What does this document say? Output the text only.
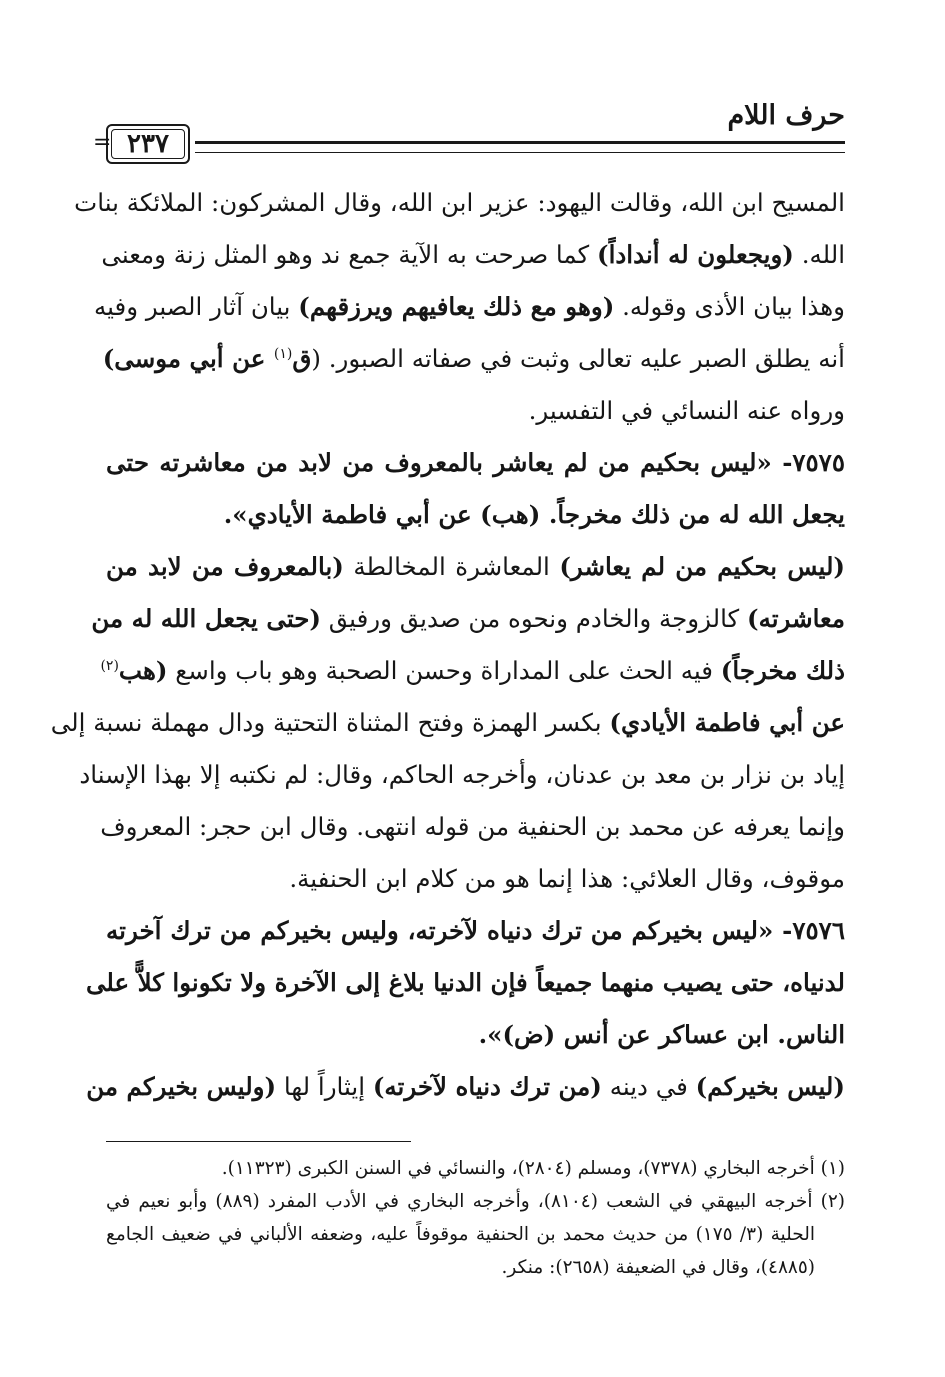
حرف اللام
٢٣٧
=
المسيح ابن الله، وقالت اليهود: عزير ابن الله، وقال المشركون: الملائكة بنات
الله. (ويجعلون له أنداداً) كما صرحت به الآية جمع ند وهو المثل زنة ومعنى
وهذا بيان الأذى وقوله. (وهو مع ذلك يعافيهم ويرزقهم) بيان آثار الصبر وفيه
أنه يطلق الصبر عليه تعالى وثبت في صفاته الصبور. (ق$^{(١)}$ عن أبي موسى)
ورواه عنه النسائي في التفسير.
٧٥٧٥- «ليس بحكيم من لم يعاشر بالمعروف من لابد من معاشرته حتى
يجعل الله له من ذلك مخرجاً. (هب) عن أبي فاطمة الأيادي».
(ليس بحكيم من لم يعاشر) المعاشرة المخالطة (بالمعروف من لابد من
معاشرته) كالزوجة والخادم ونحوه من صديق ورفيق (حتى يجعل الله له من
ذلك مخرجاً) فيه الحث على المداراة وحسن الصحبة وهو باب واسع (هب$^{(٢)}$
عن أبي فاطمة الأيادي) بكسر الهمزة وفتح المثناة التحتية ودال مهملة نسبة إلى
إياد بن نزار بن معد بن عدنان، وأخرجه الحاكم، وقال: لم نكتبه إلا بهذا الإسناد
وإنما يعرفه عن محمد بن الحنفية من قوله انتهى. وقال ابن حجر: المعروف
موقوف، وقال العلائي: هذا إنما هو من كلام ابن الحنفية.
٧٥٧٦- «ليس بخيركم من ترك دنياه لآخرته، وليس بخيركم من ترك آخرته
لدنياه، حتى يصيب منهما جميعاً فإن الدنيا بلاغ إلى الآخرة ولا تكونوا كلاًّ على
الناس. ابن عساكر عن أنس (ض)».
(ليس بخيركم) في دينه (من ترك دنياه لآخرته) إيثاراً لها (وليس بخيركم من
(١) أخرجه البخاري (٧٣٧٨)، ومسلم (٢٨٠٤)، والنسائي في السنن الكبرى (١١٣٢٣).
(٢) أخرجه البيهقي في الشعب (٨١٠٤)، وأخرجه البخاري في الأدب المفرد (٨٨٩) وأبو نعيم في
الحلية (٣/ ١٧٥) من حديث محمد بن الحنفية موقوفاً عليه، وضعفه الألباني في ضعيف الجامع
(٤٨٨٥)، وقال في الضعيفة (٢٦٥٨): منكر.
